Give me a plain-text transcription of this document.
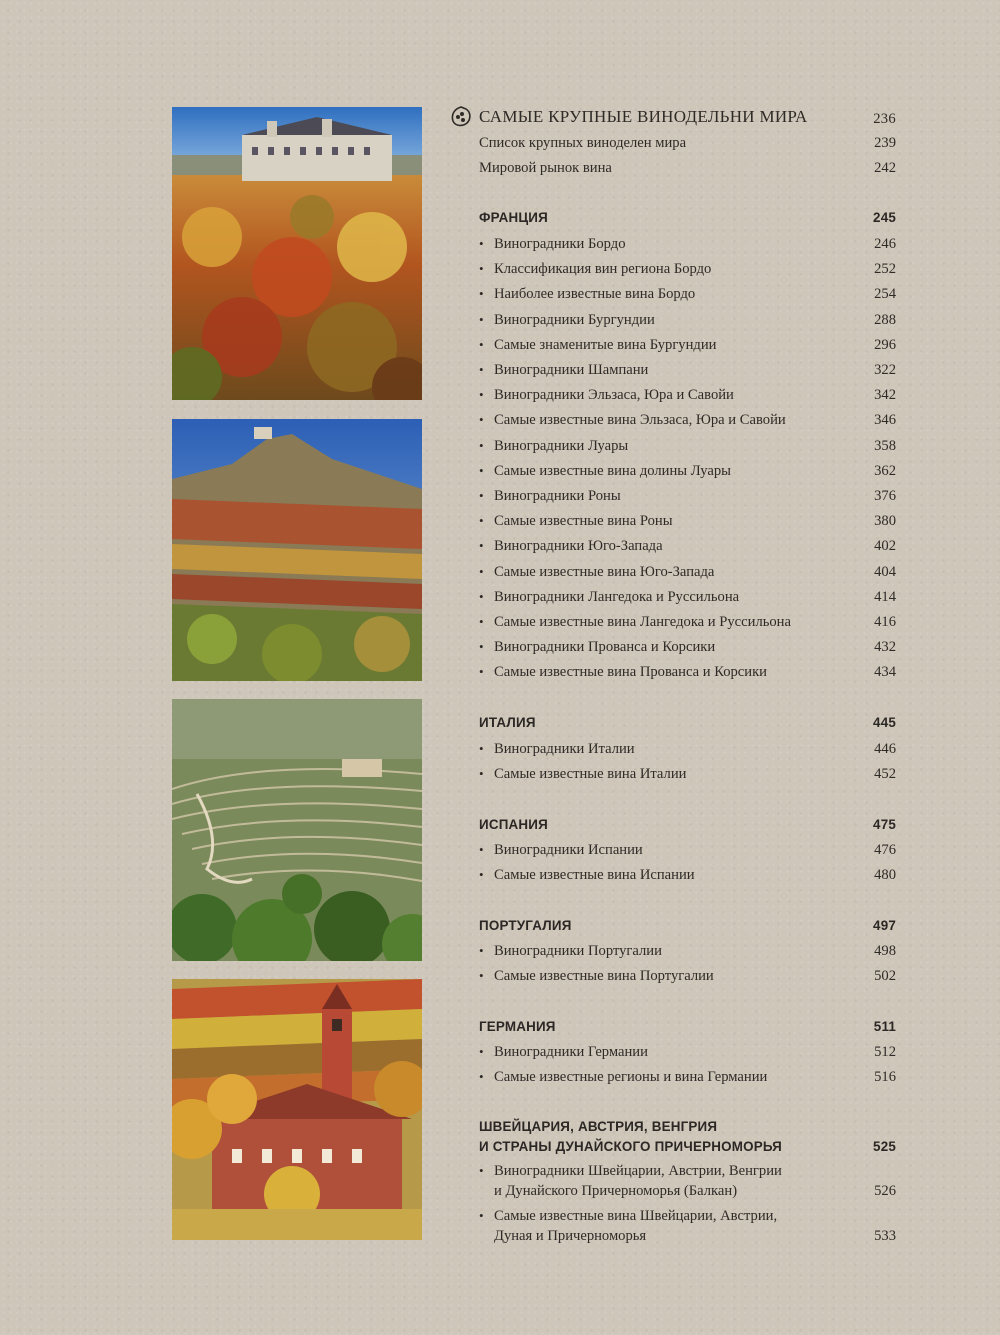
САМЫЕ КРУПНЫЕ ВИНОДЕЛЬНИ МИРА	236
Список крупных виноделен мира	239
Мировой рынок вина	242
ФРАНЦИЯ	245
• Виноградники Бордо	246
• Классификация вин региона Бордо	252
• Наиболее известные вина Бордо	254
• Виноградники Бургундии	288
• Самые знаменитые вина Бургундии	296
• Виноградники Шампани	322
• Виноградники Эльзаса, Юра и Савойи	342
• Самые известные вина Эльзаса, Юра и Савойи	346
• Виноградники Луары	358
• Самые известные вина долины Луары	362
• Виноградники Роны	376
• Самые известные вина Роны	380
• Виноградники Юго-Запада	402
• Самые известные вина Юго-Запада	404
• Виноградники Лангедока и Руссильона	414
• Самые известные вина Лангедока и Руссильона	416
• Виноградники Прованса и Корсики	432
• Самые известные вина Прованса и Корсики	434
ИТАЛИЯ	445
• Виноградники Италии	446
• Самые известные вина Италии	452
ИСПАНИЯ	475
• Виноградники Испании	476
• Самые известные вина Испании	480
ПОРТУГАЛИЯ	497
• Виноградники Португалии	498
• Самые известные вина Португалии	502
ГЕРМАНИЯ	511
• Виноградники Германии	512
• Самые известные регионы и вина Германии	516
ШВЕЙЦАРИЯ, АВСТРИЯ, ВЕНГРИЯ
И СТРАНЫ ДУНАЙСКОГО ПРИЧЕРНОМОРЬЯ	525
• Виноградники Швейцарии, Австрии, Венгрии
и Дунайского Причерноморья (Балкан)	526
• Самые известные вина Швейцарии, Австрии,
Дуная и Причерноморья	533
